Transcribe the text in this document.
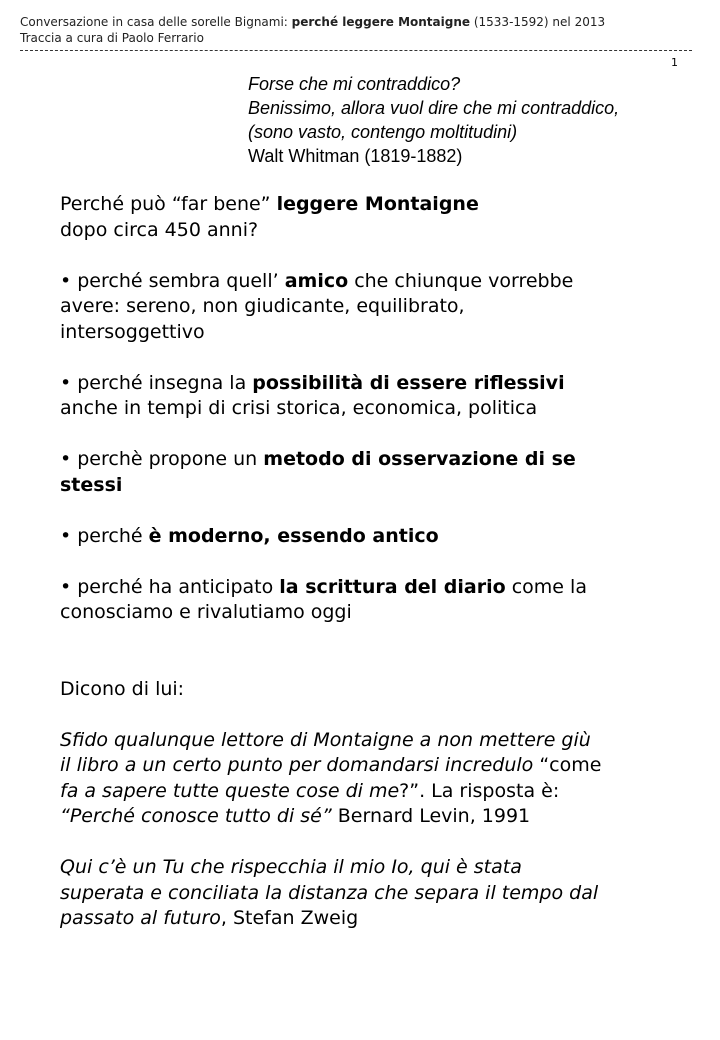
Conversazione in casa delle sorelle Bignami: perché leggere Montaigne (1533-1592) nel 2013
Traccia a cura di Paolo Ferrario
1
Forse che mi contraddico?
Benissimo, allora vuol dire che mi contraddico,
(sono vasto, contengo moltitudini)
Walt Whitman (1819-1882)

Perché può “far bene” leggere Montaigne

dopo circa 450 anni?

• perché sembra quell’ amico che chiunque vorrebbe

avere: sereno, non giudicante, equilibrato,

intersoggettivo

• perché insegna la possibilità di essere riflessivi

anche in tempi di crisi storica, economica, politica

• perchè propone un metodo di osservazione di se

stessi

• perché è moderno, essendo antico

• perché ha anticipato la scrittura del diario come la

conosciamo e rivalutiamo oggi

Dicono di lui:

Sfido qualunque lettore di Montaigne a non mettere giù

il libro a un certo punto per domandarsi incredulo “come

fa a sapere tutte queste cose di me?”. La risposta è:

“Perché conosce tutto di sé” Bernard Levin, 1991

Qui c’è un Tu che rispecchia il mio Io, qui è stata

superata e conciliata la distanza che separa il tempo dal

passato al futuro, Stefan Zweig
